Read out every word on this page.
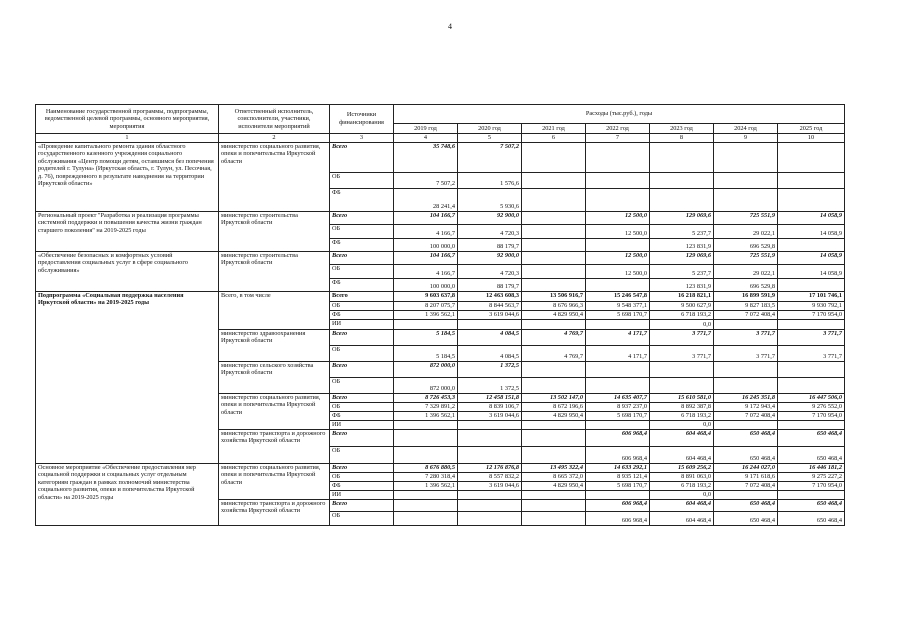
4
Наименование государственной программы, подпрограммы, ведомственной целевой программы, основного мероприятия, мероприятия	Ответственный исполнитель, соисполнители, участники, исполнители мероприятий	Источники финансирования	Расходы (тыс.руб.), годы						
			2019 год	2020 год	2021 год	2022 год	2023 год	2024 год	2025 год
1	2	3	4	5	6	7	8	9	10
«Проведение капитального ремонта здания областного государственного казенного учреждения социального обслуживания «Центр помощи детям, оставшимся без попечения родителей г. Тулуна» (Иркутская область, г. Тулун, ул. Песочная, д. 76), поврежденного в результате наводнения на территории Иркутской области»	министерство социального развития, опеки и попечительства Иркутской области	Всего	35 748,6	7 507,2					
		ОБ	7 507,2	1 576,6					
		ФБ	28 241,4	5 930,6					
Региональный проект "Разработка и реализация программы системной поддержки и повышения качества жизни граждан старшего поколения" на 2019-2025 годы	министерство строительства Иркутской области	Всего	104 166,7	92 900,0		12 500,0	129 069,6	725 551,9	14 058,9
		ОБ	4 166,7	4 720,3		12 500,0	5 237,7	29 022,1	14 058,9
		ФБ	100 000,0	88 179,7			123 831,9	696 529,8	
«Обеспечение безопасных и комфортных условий предоставления социальных услуг в сфере социального обслуживания»	министерство строительства Иркутской области	Всего	104 166,7	92 900,0		12 500,0	129 069,6	725 551,9	14 058,9
		ОБ	4 166,7	4 720,3		12 500,0	5 237,7	29 022,1	14 058,9
		ФБ	100 000,0	88 179,7			123 831,9	696 529,8	
Подпрограмма «Социальная поддержка населения Иркутской области» на 2019-2025 годы	Всего, в том числе	Всего	9 603 637,8	12 463 608,3	13 506 916,7	15 246 547,8	16 218 821,1	16 899 591,9	17 101 746,1
		ОБ	8 207 075,7	8 844 563,7	8 676 966,3	9 548 377,1	9 500 627,9	9 827 183,5	9 930 792,1
		ФБ	1 396 562,1	3 619 044,6	4 829 950,4	5 698 170,7	6 718 193,2	7 072 408,4	7 170 954,0
		ИИ					0,0		
	министерство здравоохранения Иркутской области	Всего	5 184,5	4 084,5	4 769,7	4 171,7	3 771,7	3 771,7	3 771,7
		ОБ	5 184,5	4 084,5	4 769,7	4 171,7	3 771,7	3 771,7	3 771,7
	министерство сельского хозяйства Иркутской области	Всего	872 000,0	1 372,5					
		ОБ	872 000,0	1 372,5					
	министерство социального развития, опеки и попечительства Иркутской области	Всего	8 726 453,3	12 458 151,8	13 502 147,0	14 635 407,7	15 610 581,0	16 245 351,8	16 447 506,0
		ОБ	7 329 891,2	8 839 106,7	8 672 196,6	8 937 237,0	8 892 387,8	9 172 943,4	9 276 552,0
		ФБ	1 396 562,1	3 619 044,6	4 829 950,4	5 698 170,7	6 718 193,2	7 072 408,4	7 170 954,0
		ИИ					0,0		
	министерство транспорта и дорожного хозяйства Иркутской области	Всего				606 968,4	604 468,4	650 468,4	650 468,4
		ОБ				606 968,4	604 468,4	650 468,4	650 468,4
Основное мероприятие «Обеспечение предоставления мер социальной поддержки и социальных услуг отдельным категориям граждан в рамках полномочий министерства социального развития, опеки и попечительства Иркутской области» на 2019-2025 годы	министерство социального развития, опеки и попечительства Иркутской области	Всего	8 676 880,5	12 176 876,8	13 495 322,4	14 633 292,1	15 609 256,2	16 244 027,0	16 446 181,2
		ОБ	7 280 318,4	8 557 832,2	8 665 372,0	8 935 121,4	8 891 063,0	9 171 618,6	9 275 227,2
		ФБ	1 396 562,1	3 619 044,6	4 829 950,4	5 698 170,7	6 718 193,2	7 072 408,4	7 170 954,0
		ИИ					0,0		
	министерство транспорта и дорожного хозяйства Иркутской области	Всего				606 968,4	604 468,4	650 468,4	650 468,4
		ОБ				606 968,4	604 468,4	650 468,4	650 468,4
